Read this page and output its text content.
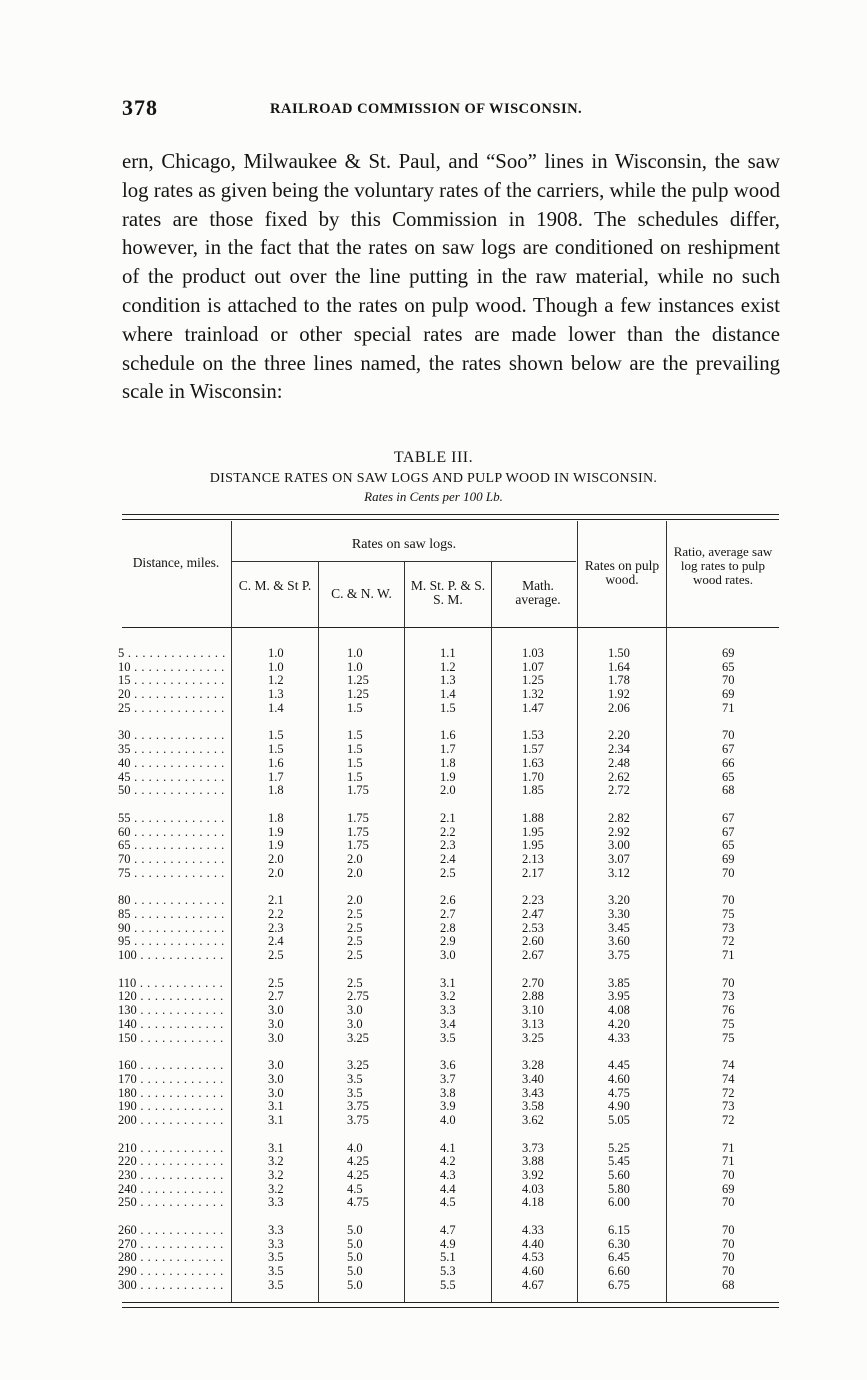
378	RAILROAD COMMISSION OF WISCONSIN.

ern, Chicago, Milwaukee & St. Paul, and “Soo” lines in Wisconsin, the saw log rates as given being the voluntary rates of the carriers, while the pulp wood rates are those fixed by this Commission in 1908. The schedules differ, however, in the fact that the rates on saw logs are conditioned on reshipment of the product out over the line putting in the raw material, while no such condition is attached to the rates on pulp wood. Though a few instances exist where trainload or other special rates are made lower than the distance schedule on the three lines named, the rates shown below are the prevailing scale in Wisconsin:

TABLE III.
DISTANCE RATES ON SAW LOGS AND PULP WOOD IN WISCONSIN.
Rates in Cents per 100 Lb.
Distance, miles.
Rates on saw logs.
C. M. & St P.
C. & N. W.
M. St. P. & S. S. M.
Math. average.
Rates on pulp wood.
Ratio, average saw log rates to pulp wood rates.
5 . . .
10 . . .
15 . . .
20 . . .
25 . . .
30 . . .
35 . . .
40 . . .
45 . . .
50 . . .
55 . . .
60 . . .
65 . . .
70 . . .
75 . . .
80 . . .
85 . . .
90 . . .
95 . . .
100 . . .
110 . . .
120 . . .
130 . . .
140 . . .
150 . . .
160 . . .
170 . . .
180 . . .
190 . . .
200 . . .
210 . . .
220 . . .
230 . . .
240 . . .
250 . . .
260 . . .
270 . . .
280 . . .
290 . . .
300 . . .
1.0
1.0
1.2
1.3
1.4
1.5
1.5
1.6
1.7
1.8
1.8
1.9
1.9
2.0
2.0
2.1
2.2
2.3
2.4
2.5
2.5
2.7
3.0
3.0
3.0
3.0
3.0
3.0
3.1
3.1
3.1
3.2
3.2
3.2
3.3
3.3
3.3
3.5
3.5
3.5
1.0
1.0
1.25
1.25
1.5
1.5
1.5
1.5
1.5
1.75
1.75
1.75
1.75
2.0
2.0
2.0
2.5
2.5
2.5
2.5
2.5
2.75
3.0
3.0
3.25
3.25
3.5
3.5
3.75
3.75
4.0
4.25
4.25
4.5
4.75
5.0
5.0
5.0
5.0
5.0
1.1
1.2
1.3
1.4
1.5
1.6
1.7
1.8
1.9
2.0
2.1
2.2
2.3
2.4
2.5
2.6
2.7
2.8
2.9
3.0
3.1
3.2
3.3
3.4
3.5
3.6
3.7
3.8
3.9
4.0
4.1
4.2
4.3
4.4
4.5
4.7
4.9
5.1
5.3
5.5
1.03
1.07
1.25
1.32
1.47
1.53
1.57
1.63
1.70
1.85
1.88
1.95
1.95
2.13
2.17
2.23
2.47
2.53
2.60
2.67
2.70
2.88
3.10
3.13
3.25
3.28
3.40
3.43
3.58
3.62
3.73
3.88
3.92
4.03
4.18
4.33
4.40
4.53
4.60
4.67
1.50
1.64
1.78
1.92
2.06
2.20
2.34
2.48
2.62
2.72
2.82
2.92
3.00
3.07
3.12
3.20
3.30
3.45
3.60
3.75
3.85
3.95
4.08
4.20
4.33
4.45
4.60
4.75
4.90
5.05
5.25
5.45
5.60
5.80
6.00
6.15
6.30
6.45
6.60
6.75
69
65
70
69
71
70
67
66
65
68
67
67
65
69
70
70
75
73
72
71
70
73
76
75
75
74
74
72
73
72
71
71
70
69
70
70
70
70
70
68
